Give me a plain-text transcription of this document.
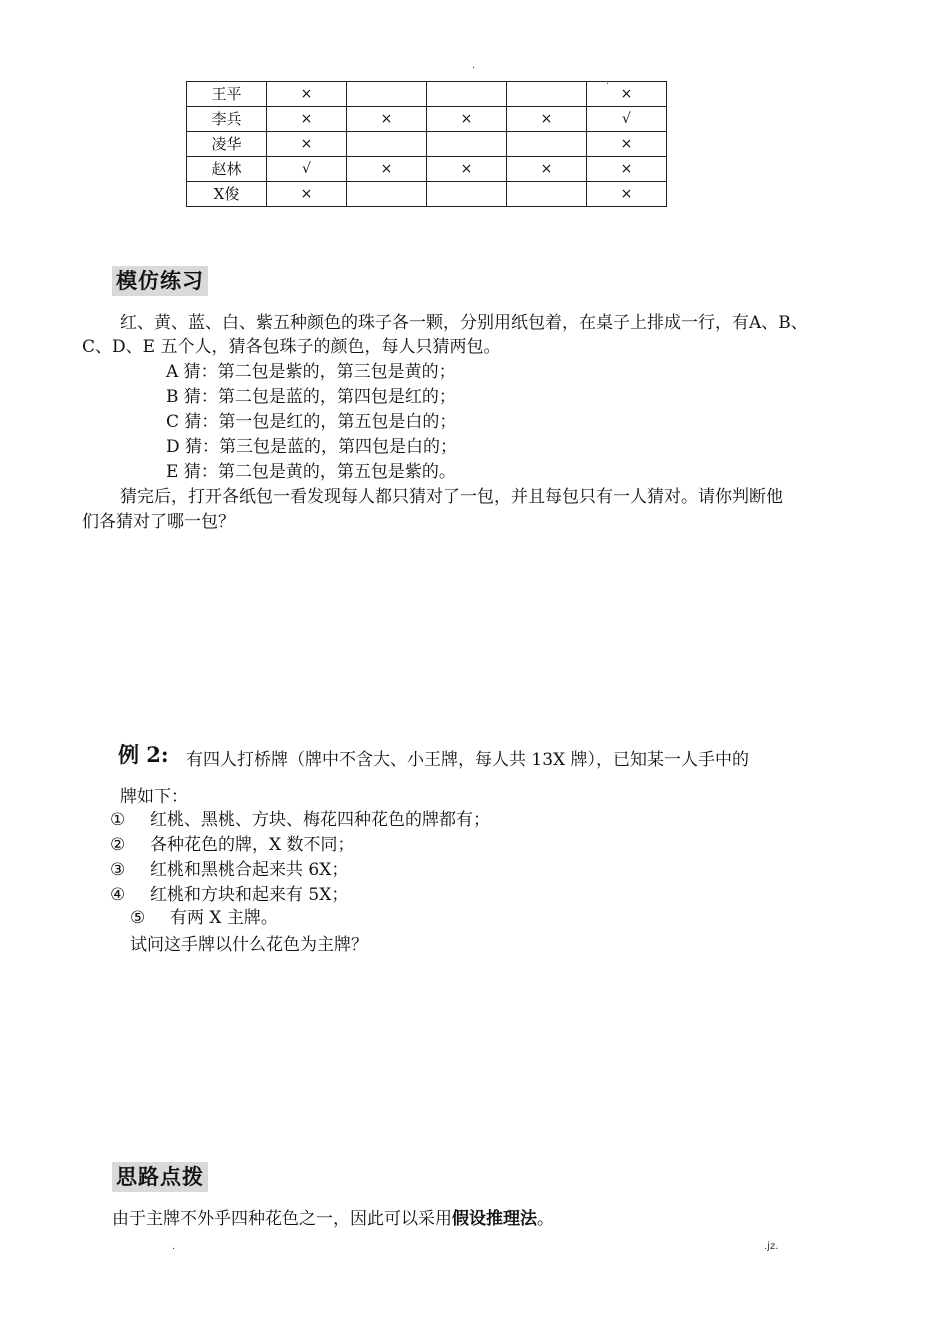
.
.
王平	×				×
李兵	×	×	×	×	√
凌华	×				×
赵林	√	×	×	×	×
X俊	×				×
模仿练习
红、黄、蓝、白、紫五种颜色的珠子各一颗，分别用纸包着，在桌子上排成一行，有A、B、
C、D、E 五个人，猜各包珠子的颜色，每人只猜两包。
A 猜：第二包是紫的，第三包是黄的；
B 猜：第二包是蓝的，第四包是红的；
C 猜：第一包是红的，第五包是白的；
D 猜：第三包是蓝的，第四包是白的；
E 猜：第二包是黄的，第五包是紫的。
猜完后，打开各纸包一看发现每人都只猜对了一包，并且每包只有一人猜对。请你判断他
们各猜对了哪一包？
例 2: 有四人打桥牌（牌中不含大、小王牌，每人共 13X 牌），已知某一人手中的
牌如下：
① 红桃、黑桃、方块、梅花四种花色的牌都有；
② 各种花色的牌，X 数不同；
③ 红桃和黑桃合起来共 6X；
④ 红桃和方块和起来有 5X；
⑤ 有两 X 主牌。
试问这手牌以什么花色为主牌？
思路点拨
由于主牌不外乎四种花色之一，因此可以采用假设推理法。
.	.jz.
